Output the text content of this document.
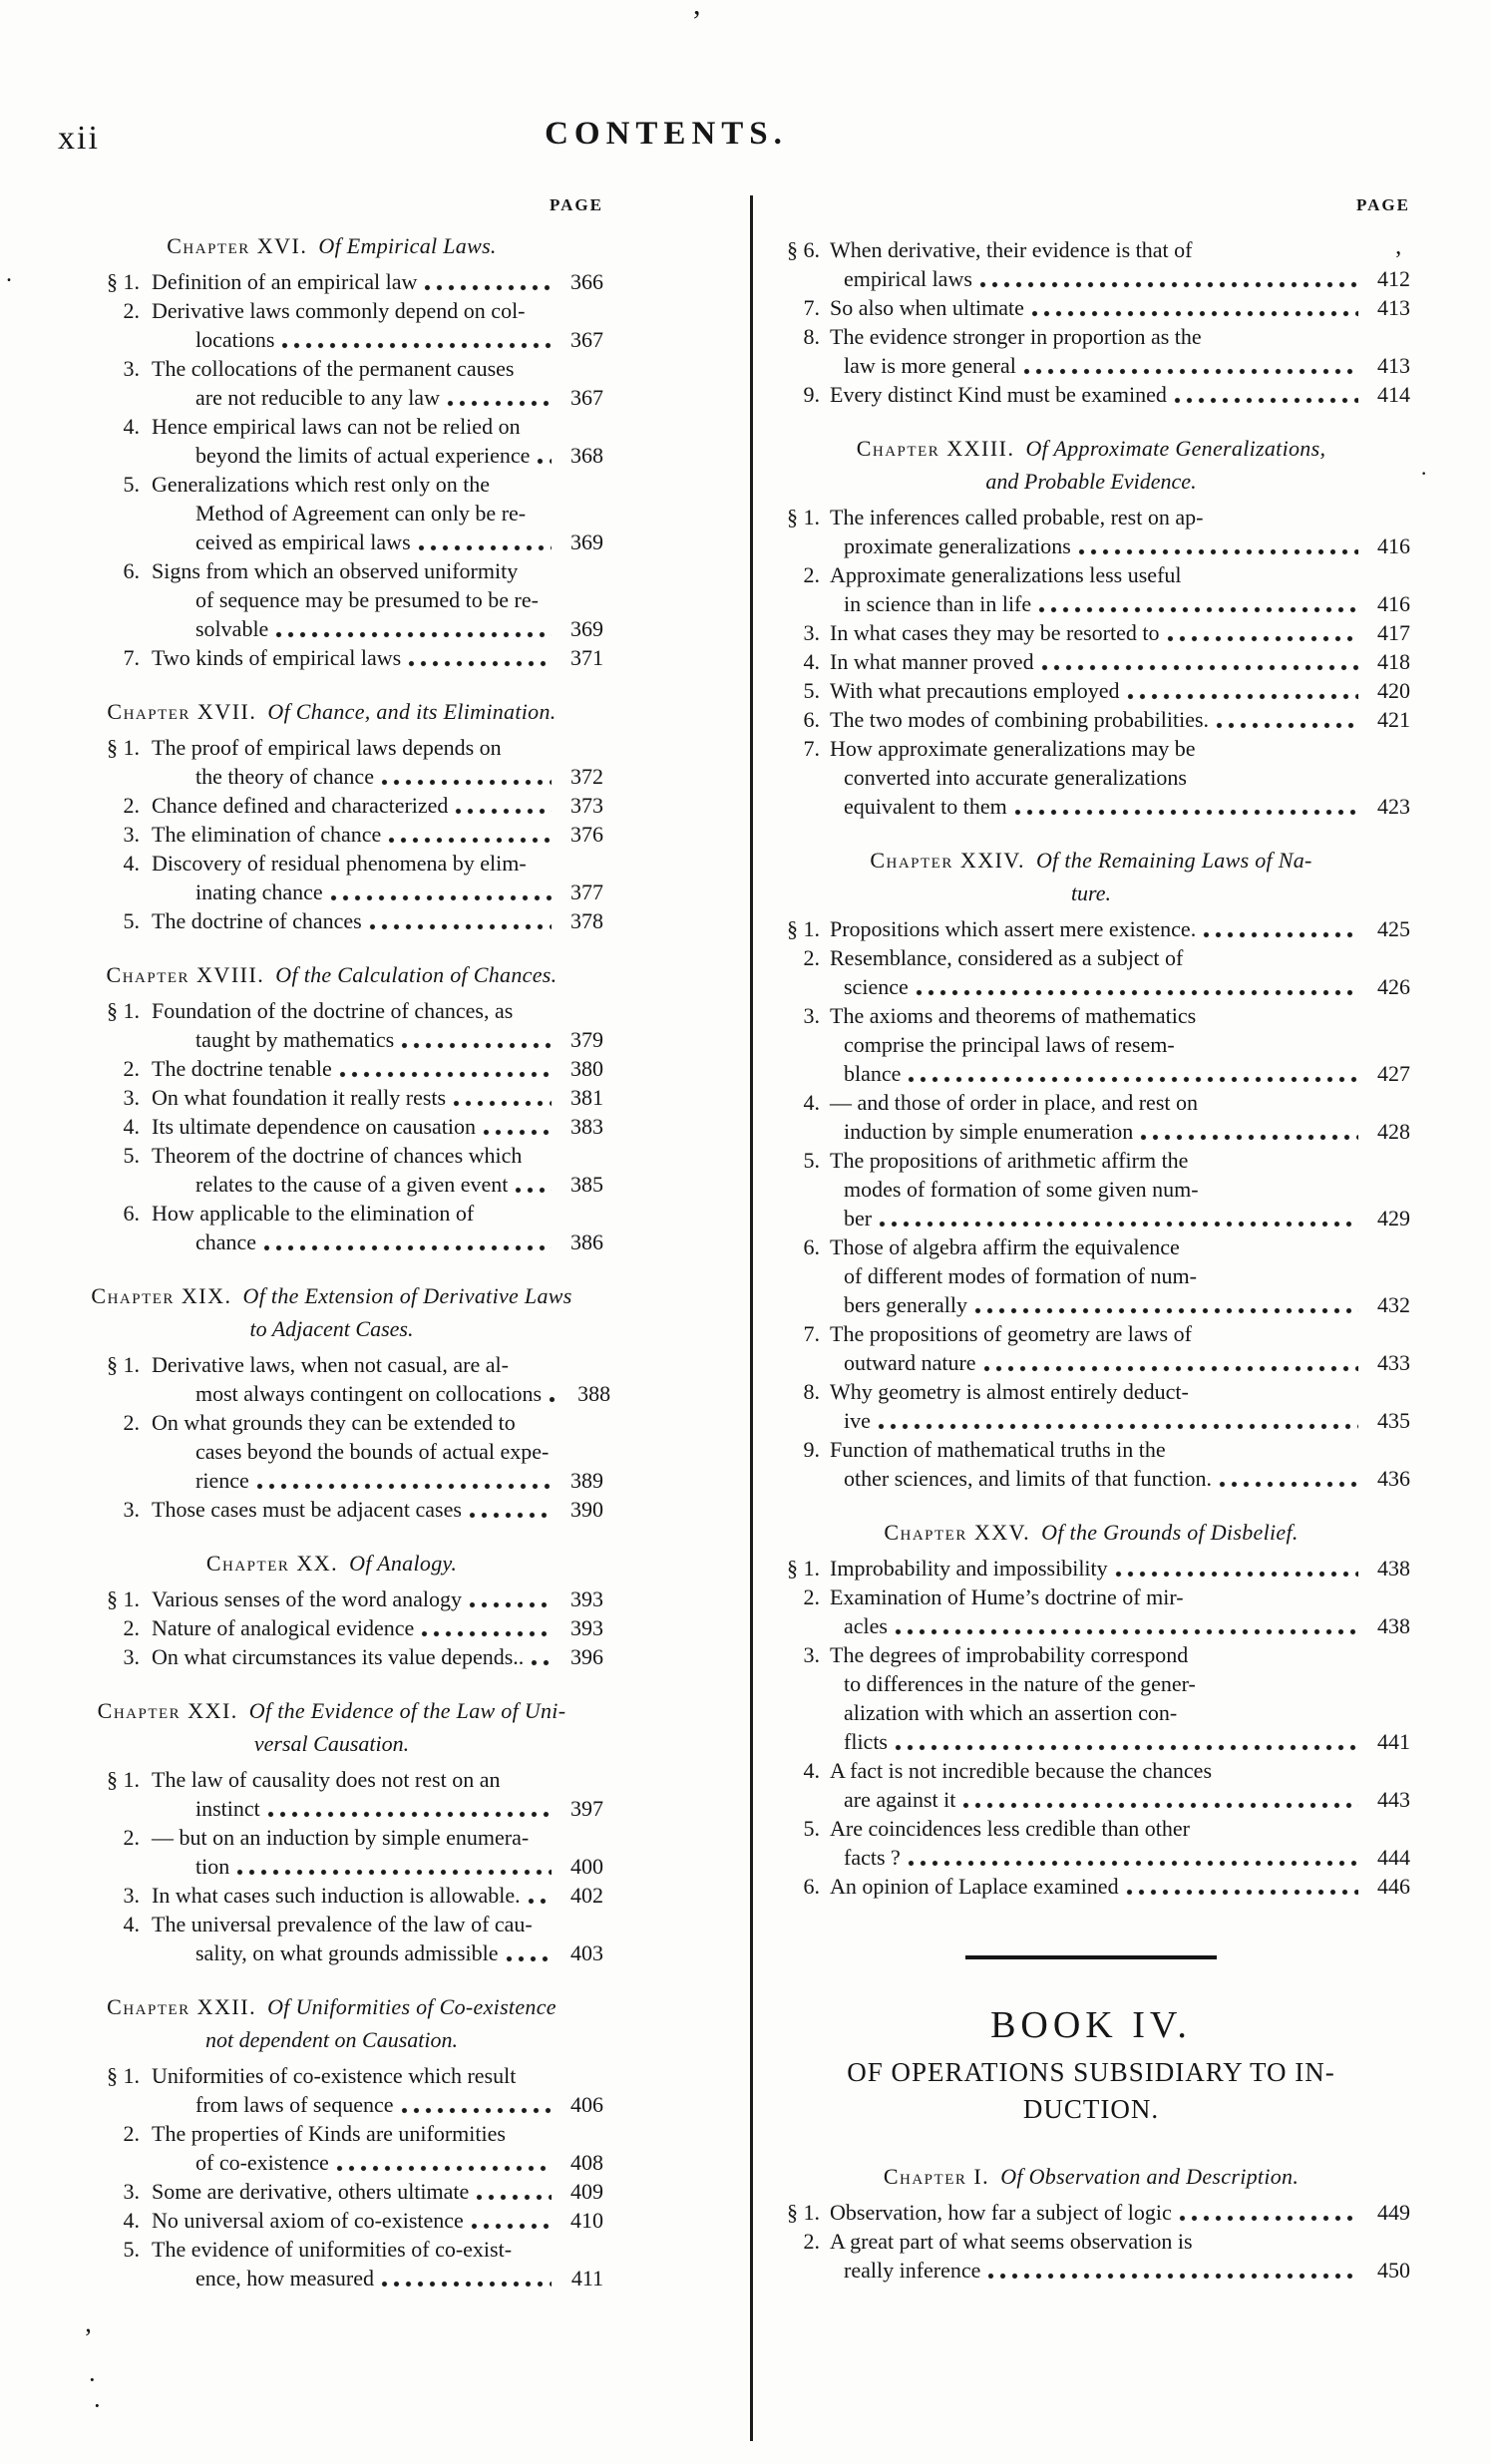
xii	CONTENTS.
PAGE
Chapter XVI.  Of Empirical Laws.
§ 1. Definition of an empirical law	366
2. Derivative laws commonly depend on col-
locations	367
3. The collocations of the permanent causes
are not reducible to any law	367
4. Hence empirical laws can not be relied on
beyond the limits of actual experience	368
5. Generalizations which rest only on the
Method of Agreement can only be re-
ceived as empirical laws	369
6. Signs from which an observed uniformity
of sequence may be presumed to be re-
solvable	369
7. Two kinds of empirical laws	371
Chapter XVII.  Of Chance, and its Elimination.
§ 1. The proof of empirical laws depends on
the theory of chance	372
2. Chance defined and characterized	373
3. The elimination of chance	376
4. Discovery of residual phenomena by elim-
inating chance	377
5. The doctrine of chances	378
Chapter XVIII.  Of the Calculation of Chances.
§ 1. Foundation of the doctrine of chances, as
taught by mathematics	379
2. The doctrine tenable	380
3. On what foundation it really rests	381
4. Its ultimate dependence on causation	383
5. Theorem of the doctrine of chances which
relates to the cause of a given event	385
6. How applicable to the elimination of
chance	386
Chapter XIX.  Of the Extension of Derivative Laws
to Adjacent Cases.
§ 1. Derivative laws, when not casual, are al-
most always contingent on collocations	388
2. On what grounds they can be extended to
cases beyond the bounds of actual expe-
rience	389
3. Those cases must be adjacent cases	390
Chapter XX.  Of Analogy.
§ 1. Various senses of the word analogy	393
2. Nature of analogical evidence	393
3. On what circumstances its value depends..	396
Chapter XXI.  Of the Evidence of the Law of Uni-
versal Causation.
§ 1. The law of causality does not rest on an
instinct	397
2. — but on an induction by simple enumera-
tion	400
3. In what cases such induction is allowable.	402
4. The universal prevalence of the law of cau-
sality, on what grounds admissible	403
Chapter XXII.  Of Uniformities of Co-existence
not dependent on Causation.
§ 1. Uniformities of co-existence which result
from laws of sequence	406
2. The properties of Kinds are uniformities
of co-existence	408
3. Some are derivative, others ultimate	409
4. No universal axiom of co-existence	410
5. The evidence of uniformities of co-exist-
ence, how measured	411
PAGE
§ 6. When derivative, their evidence is that of
empirical laws	412
7. So also when ultimate	413
8. The evidence stronger in proportion as the
law is more general	413
9. Every distinct Kind must be examined	414
Chapter XXIII.  Of Approximate Generalizations,
and Probable Evidence.
§ 1. The inferences called probable, rest on ap-
proximate generalizations	416
2. Approximate generalizations less useful
in science than in life	416
3. In what cases they may be resorted to	417
4. In what manner proved	418
5. With what precautions employed	420
6. The two modes of combining probabilities.	421
7. How approximate generalizations may be
converted into accurate generalizations
equivalent to them	423
Chapter XXIV.  Of the Remaining Laws of Na-
ture.
§ 1. Propositions which assert mere existence.	425
2. Resemblance, considered as a subject of
science	426
3. The axioms and theorems of mathematics
comprise the principal laws of resem-
blance	427
4. — and those of order in place, and rest on
induction by simple enumeration	428
5. The propositions of arithmetic affirm the
modes of formation of some given num-
ber	429
6. Those of algebra affirm the equivalence
of different modes of formation of num-
bers generally	432
7. The propositions of geometry are laws of
outward nature	433
8. Why geometry is almost entirely deduct-
ive	435
9. Function of mathematical truths in the
other sciences, and limits of that function.	436
Chapter XXV.  Of the Grounds of Disbelief.
§ 1. Improbability and impossibility	438
2. Examination of Hume’s doctrine of mir-
acles	438
3. The degrees of improbability correspond
to differences in the nature of the gener-
alization with which an assertion con-
flicts	441
4. A fact is not incredible because the chances
are against it	443
5. Are coincidences less credible than other
facts ?	444
6. An opinion of Laplace examined	446
BOOK IV.
OF OPERATIONS SUBSIDIARY TO IN-
DUCTION.
Chapter I.  Of Observation and Description.
§ 1. Observation, how far a subject of logic	449
2. A great part of what seems observation is
really inference	450
,
’
·
.
’
·
·
